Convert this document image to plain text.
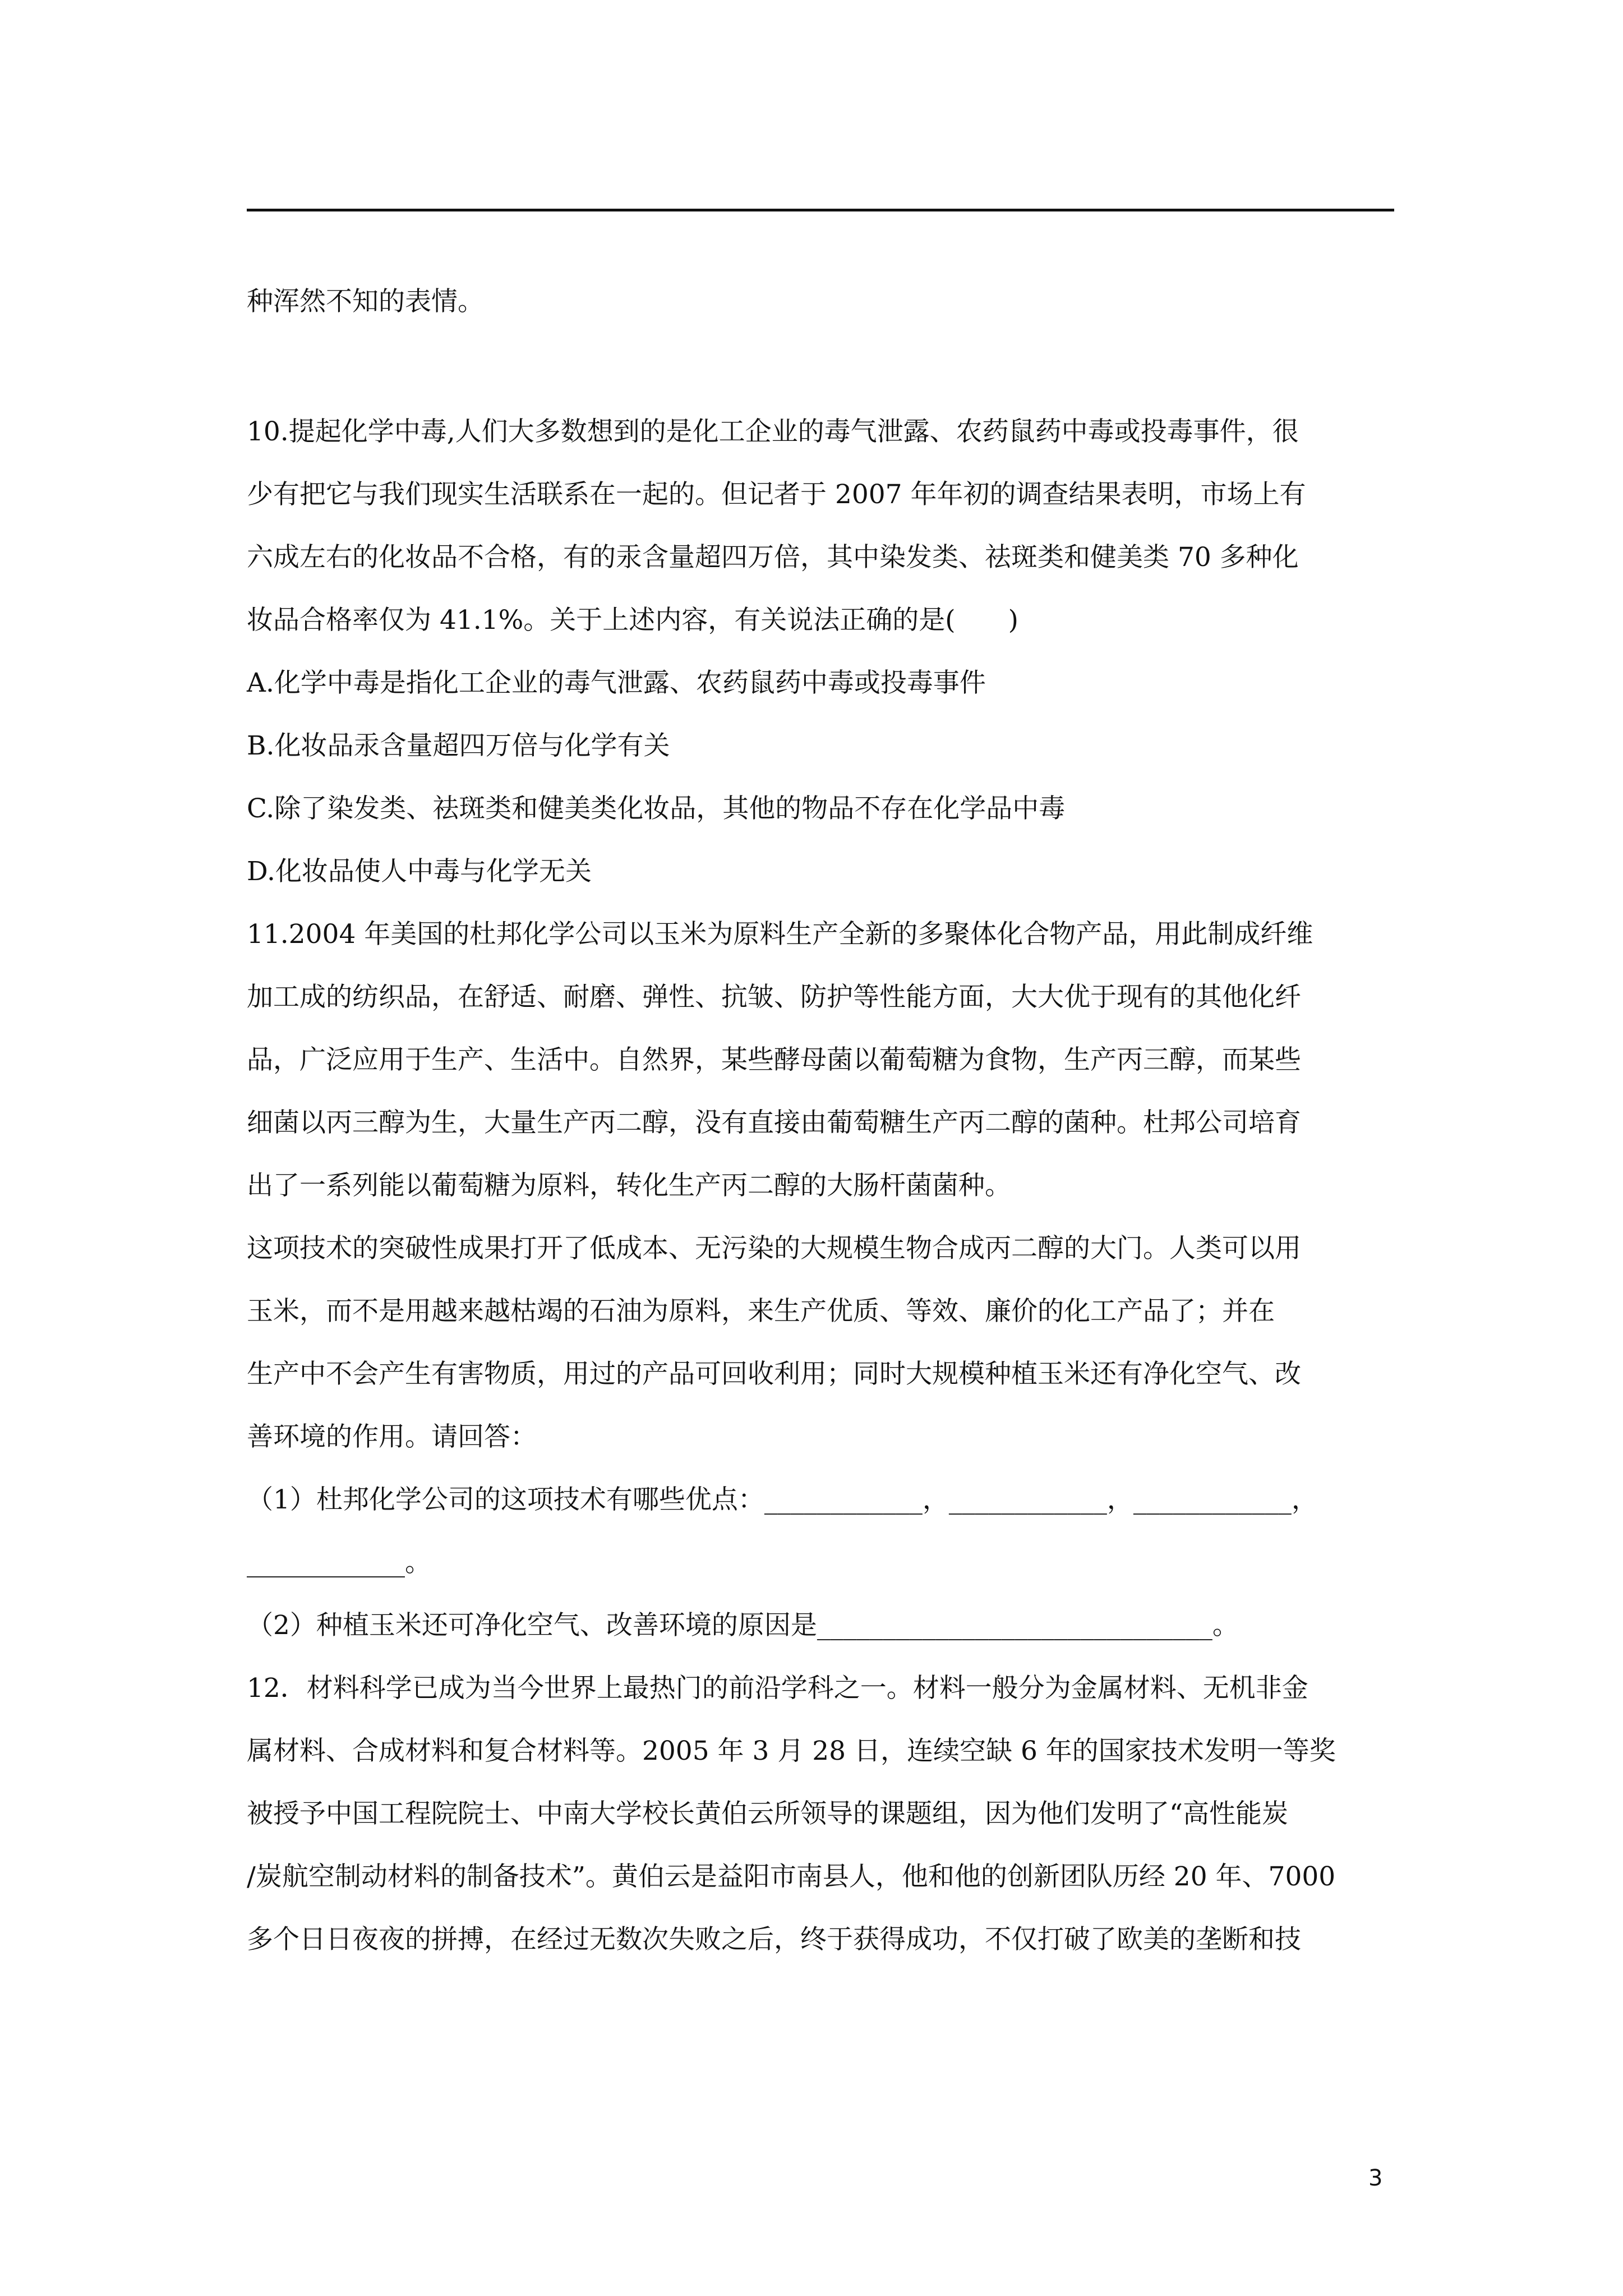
种浑然不知的表情。
10.提起化学中毒,人们大多数想到的是化工企业的毒气泄露、农药鼠药中毒或投毒事件，很
少有把它与我们现实生活联系在一起的。但记者于 2007 年年初的调查结果表明，市场上有
六成左右的化妆品不合格，有的汞含量超四万倍，其中染发类、祛斑类和健美类 70 多种化
妆品合格率仅为 41.1%。关于上述内容，有关说法正确的是(　　)
A.化学中毒是指化工企业的毒气泄露、农药鼠药中毒或投毒事件
B.化妆品汞含量超四万倍与化学有关
C.除了染发类、祛斑类和健美类化妆品，其他的物品不存在化学品中毒
D.化妆品使人中毒与化学无关
11.2004 年美国的杜邦化学公司以玉米为原料生产全新的多聚体化合物产品，用此制成纤维
加工成的纺织品，在舒适、耐磨、弹性、抗皱、防护等性能方面，大大优于现有的其他化纤
品，广泛应用于生产、生活中。自然界，某些酵母菌以葡萄糖为食物，生产丙三醇，而某些
细菌以丙三醇为生，大量生产丙二醇，没有直接由葡萄糖生产丙二醇的菌种。杜邦公司培育
出了一系列能以葡萄糖为原料，转化生产丙二醇的大肠杆菌菌种。
这项技术的突破性成果打开了低成本、无污染的大规模生物合成丙二醇的大门。人类可以用
玉米，而不是用越来越枯竭的石油为原料，来生产优质、等效、廉价的化工产品了；并在
生产中不会产生有害物质，用过的产品可回收利用；同时大规模种植玉米还有净化空气、改
善环境的作用。请回答：
（1）杜邦化学公司的这项技术有哪些优点：____________，____________，____________，
____________。
（2）种植玉米还可净化空气、改善环境的原因是______________________________。
12．材料科学已成为当今世界上最热门的前沿学科之一。材料一般分为金属材料、无机非金
属材料、合成材料和复合材料等。2005 年 3 月 28 日，连续空缺 6 年的国家技术发明一等奖
被授予中国工程院院士、中南大学校长黄伯云所领导的课题组，因为他们发明了“高性能炭
/炭航空制动材料的制备技术”。黄伯云是益阳市南县人，他和他的创新团队历经 20 年、7000
多个日日夜夜的拼搏，在经过无数次失败之后，终于获得成功，不仅打破了欧美的垄断和技
3
